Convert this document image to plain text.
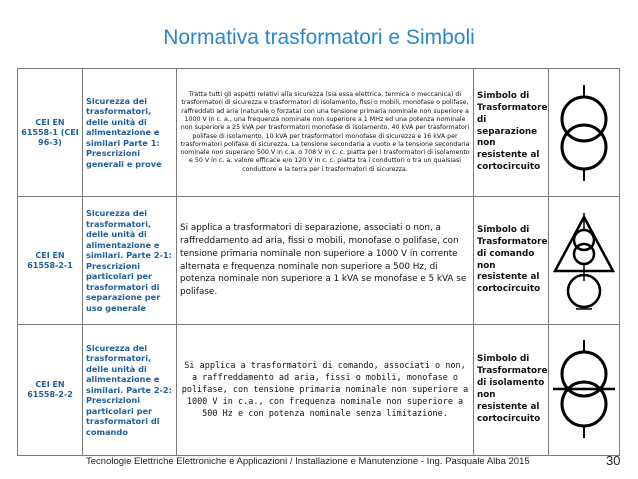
Normativa trasformatori e Simboli
CEI EN 61558-1 (CEI 96-3)	Sicurezza dei trasformatori, delle unità di alimentazione e similari Parte 1: Prescrizioni generali e prove	Tratta tutti gli aspetti relativi alla sicurezza (sia essa elettrica, termica o meccanica) di trasformatori di sicurezza e trasformatori di isolamento, fissi o mobili, monofase o polifase, raffreddati ad aria (naturale o forzata) con una tensione primaria nominale non superiore a 1000 V in c. a., una frequenza nominale non superiore a 1 MHz ed una potenza nominale non superiore a 25 kVA per trasformatori monofase di isolamento, 40 kVA per trasformatori polifase di isolamento, 10 kVA per trasformatori monofase di sicurezza e 16 kVA per trasformatori polifase di sicurezza. La tensione secondaria a vuoto e la tensione secondaria nominale non superano 500 V in c.a. o 708 V in c. c. piatta per i trasformatori di isolamento e 50 V in c. a. valore efficace e/o 120 V in c. c. piatta tra i conduttori o tra un qualsiasi conduttore e la terra per i trasformatori di sicurezza.	Simbolo di Trasformatore di separazione non resistente al cortocircuito	

CEI EN 61558-2-1	Sicurezza dei trasformatori, delle unità di alimentazione e similari. Parte 2-1: Prescrizioni particolari per trasformatori di separazione per uso generale	Si applica a trasformatori di separazione, associati o non, a raffreddamento ad aria, fissi o mobili, monofase o polifase, con tensione primaria nominale non superiore a 1000 V in corrente alternata e frequenza nominale non superiore a 500 Hz, di potenza nominale non superiore a 1 kVA se monofase e 5 kVA se polifase.	Simbolo di Trasformatore di comando non resistente al cortocircuito	

CEI EN 61558-2-2	Sicurezza dei trasformatori, delle unità di alimentazione e similari. Parte 2-2: Prescrizioni particolari per trasformatori di comando	Si applica a trasformatori di comando, associati o non, a raffreddamento ad aria, fissi o mobili, monofase o polifase, con tensione primaria nominale non superiore a 1000 V in c.a., con frequenza nominale non superiore a 500 Hz e con potenza nominale senza limitazione.	Simbolo di Trasformatore di isolamento non resistente al cortocircuito	
Tecnologie Elettriche Elettroniche e Applicazioni / Installazione e Manutenzione - Ing. Pasquale Alba 2015	30
